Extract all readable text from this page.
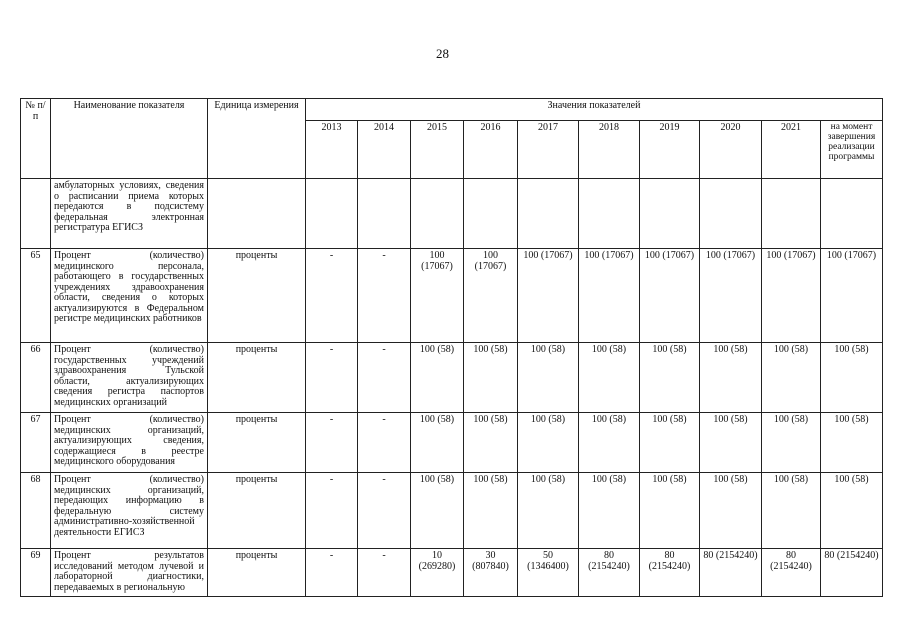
28
№ п/п	Наименование показателя	Единица измерения	Значения показателей									
			2013	2014	2015	2016	2017	2018	2019	2020	2021	на момент завершения реализации программы
	амбулаторных условиях, сведения о расписании приема которых передаются в подсистему федеральная электронная регистратура ЕГИСЗ											
65	Процент (количество) медицинского персонала, работающего в государственных учреждениях здравоохранения области, сведения о которых актуализируются в Федеральном регистре медицинских работников	проценты	-	-	100 (17067)	100 (17067)	100 (17067)	100 (17067)	100 (17067)	100 (17067)	100 (17067)	100 (17067)
66	Процент (количество) государственных учреждений здравоохранения Тульской области, актуализирующих сведения регистра паспортов медицинских организаций	проценты	-	-	100 (58)	100 (58)	100 (58)	100 (58)	100 (58)	100 (58)	100 (58)	100 (58)
67	Процент (количество) медицинских организаций, актуализирующих сведения, содержащиеся в реестре медицинского оборудования	проценты	-	-	100 (58)	100 (58)	100 (58)	100 (58)	100 (58)	100 (58)	100 (58)	100 (58)
68	Процент (количество) медицинских организаций, передающих информацию в федеральную систему административно-хозяйственной деятельности ЕГИСЗ	проценты	-	-	100 (58)	100 (58)	100 (58)	100 (58)	100 (58)	100 (58)	100 (58)	100 (58)
69	Процент результатов исследований методом лучевой и лабораторной диагностики, передаваемых в региональную	проценты	-	-	10 (269280)	30 (807840)	50 (1346400)	80 (2154240)	80 (2154240)	80 (2154240)	80 (2154240)	80 (2154240)
